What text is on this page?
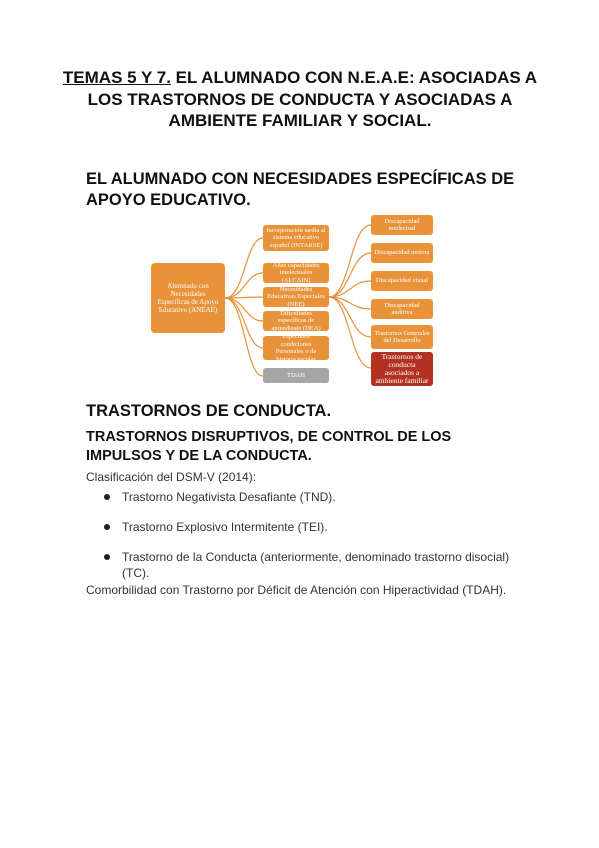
TEMAS 5 Y 7. EL ALUMNADO CON N.E.A.E: ASOCIADAS A LOS TRASTORNOS DE CONDUCTA Y ASOCIADAS A AMBIENTE FAMILIAR Y SOCIAL.
EL ALUMNADO CON NECESIDADES ESPECÍFICAS DE APOYO EDUCATIVO.
Alumnado con Necesidades Específicas de Apoyo Educativo (ANEAE)
Incorporación tardía al sistema educativo español (INTARSE)
Altas capacidades intelectuales (ALCAIN)
Necesidades Educativas Especiales (NEE)
Dificultades específicas de aprendizaje (DEA)
Especiales condiciones Personales o de historia escolar
TDAH
Discapacidad intelectual
Discapacidad motora
Discapacidad visual
Discapacidad auditiva
Trastornos Generales del Desarrollo
Trastornos de conducta asociados a ambiente familiar
TRASTORNOS DE CONDUCTA.
TRASTORNOS DISRUPTIVOS, DE CONTROL DE LOS IMPULSOS Y DE LA CONDUCTA.
Clasificación del DSM-V (2014):
Trastorno Negativista Desafiante (TND).
Trastorno Explosivo Intermitente (TEI).
Trastorno de la Conducta (anteriormente, denominado trastorno disocial) (TC).
Comorbilidad con Trastorno por Déficit de Atención con Hiperactividad (TDAH).
